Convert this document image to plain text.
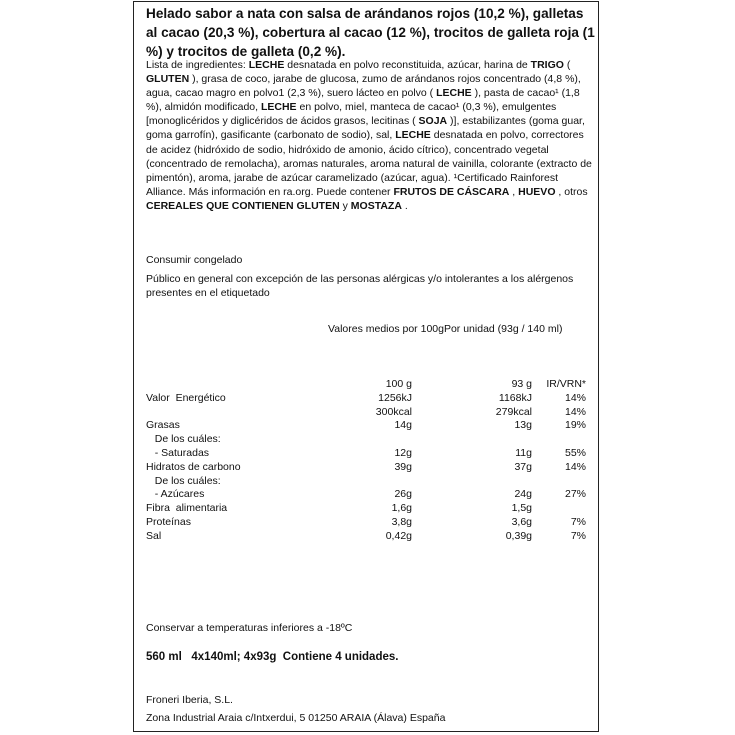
Helado sabor a nata con salsa de arándanos rojos (10,2 %), galletas al cacao (20,3 %), cobertura al cacao (12 %), trocitos de galleta roja (1 %) y trocitos de galleta (0,2 %).
Lista de ingredientes: LECHE desnatada en polvo reconstituida, azúcar, harina de TRIGO ( GLUTEN ), grasa de coco, jarabe de glucosa, zumo de arándanos rojos concentrado (4,8 %), agua, cacao magro en polvo1 (2,3 %), suero lácteo en polvo ( LECHE ), pasta de cacao¹ (1,8 %), almidón modificado, LECHE en polvo, miel, manteca de cacao¹ (0,3 %), emulgentes [monoglicéridos y diglicéridos de ácidos grasos, lecitinas ( SOJA )], estabilizantes (goma guar, goma garrofín), gasificante (carbonato de sodio), sal, LECHE desnatada en polvo, correctores de acidez (hidróxido de sodio, hidróxido de amonio, ácido cítrico), concentrado vegetal (concentrado de remolacha), aromas naturales, aroma natural de vainilla, colorante (extracto de pimentón), aroma, jarabe de azúcar caramelizado (azúcar, agua). ¹Certificado Rainforest Alliance. Más información en ra.org. Puede contener FRUTOS DE CÁSCARA , HUEVO , otros CEREALES QUE CONTIENEN GLUTEN y MOSTAZA .
Consumir congelado
Público en general con excepción de las personas alérgicas y/o intolerantes a los alérgenos presentes en el etiquetado
Valores medios por 100gPor unidad (93g / 140 ml)
	100 g	93 g	IR/VRN*
Valor  Energético	1256kJ	1168kJ	14%
	300kcal	279kcal	14%
Grasas	14g	13g	19%
De los cuáles:			
- Saturadas	12g	11g	55%
Hidratos de carbono	39g	37g	14%
De los cuáles:			
- Azúcares	26g	24g	27%
Fibra  alimentaria	1,6g	1,5g	
Proteínas	3,8g	3,6g	7%
Sal	0,42g	0,39g	7%
Conservar a temperaturas inferiores a -18ºC
560 ml   4x140ml; 4x93g  Contiene 4 unidades.
Froneri Iberia, S.L.
Zona Industrial Araia c/Intxerdui, 5 01250 ARAIA (Álava) España
